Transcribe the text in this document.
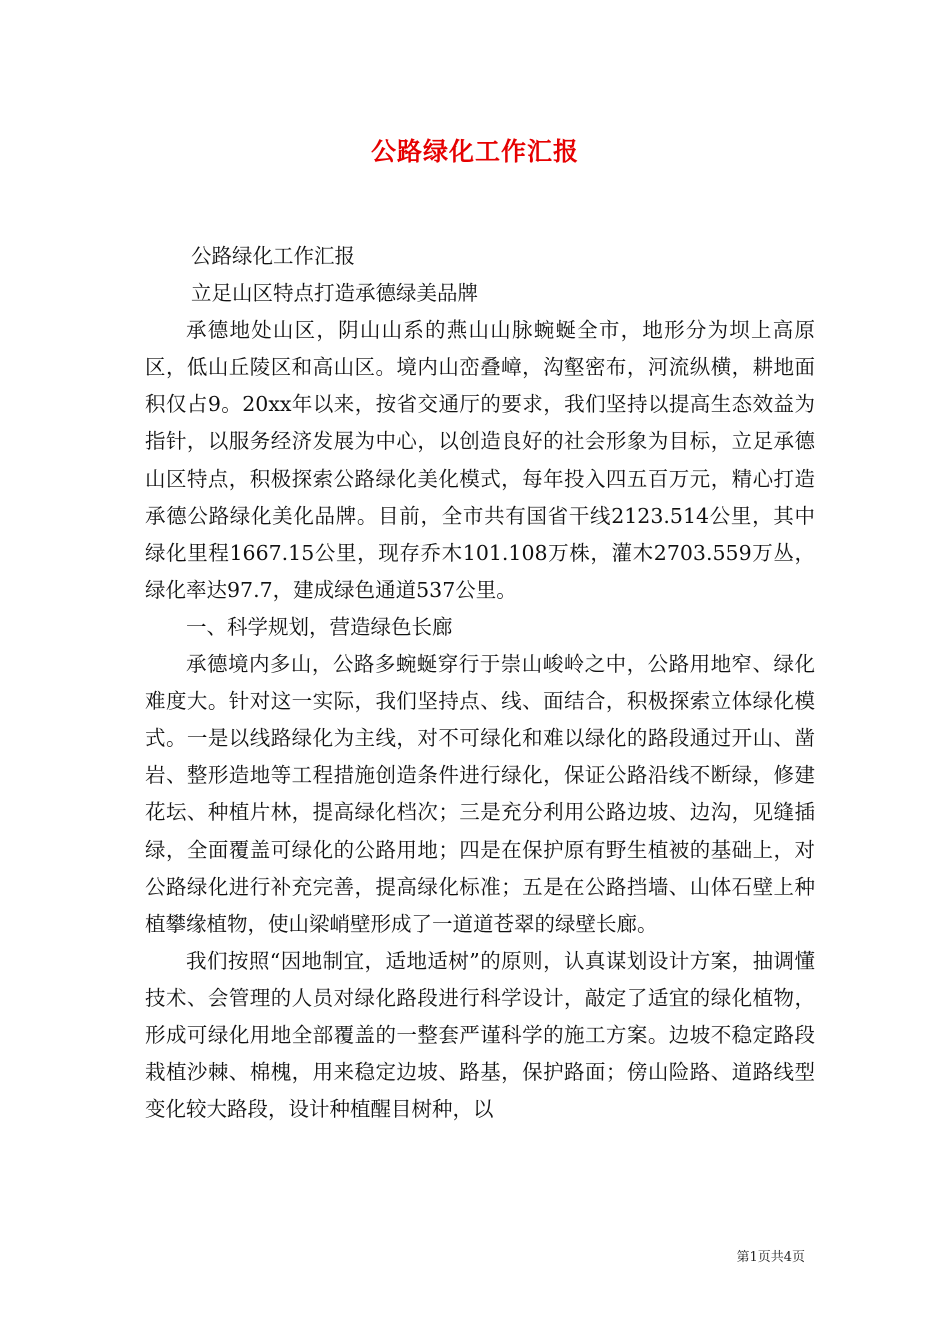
公路绿化工作汇报

公路绿化工作汇报

立足山区特点打造承德绿美品牌

承德地处山区，阴山山系的燕山山脉蜿蜒全市，地形分为坝上高原区，低山丘陵区和高山区。境内山峦叠嶂，沟壑密布，河流纵横，耕地面积仅占9。20xx年以来，按省交通厅的要求，我们坚持以提高生态效益为指针，以服务经济发展为中心，以创造良好的社会形象为目标，立足承德山区特点，积极探索公路绿化美化模式，每年投入四五百万元，精心打造承德公路绿化美化品牌。目前，全市共有国省干线2123.514公里，其中绿化里程1667.15公里，现存乔木101.108万株，灌木2703.559万丛，绿化率达97.7，建成绿色通道537公里。

一、科学规划，营造绿色长廊

承德境内多山，公路多蜿蜒穿行于崇山峻岭之中，公路用地窄、绿化难度大。针对这一实际，我们坚持点、线、面结合，积极探索立体绿化模式。一是以线路绿化为主线，对不可绿化和难以绿化的路段通过开山、凿岩、整形造地等工程措施创造条件进行绿化，保证公路沿线不断绿，修建花坛、种植片林，提高绿化档次；三是充分利用公路边坡、边沟，见缝插绿，全面覆盖可绿化的公路用地；四是在保护原有野生植被的基础上，对公路绿化进行补充完善，提高绿化标准；五是在公路挡墙、山体石壁上种植攀缘植物，使山梁峭壁形成了一道道苍翠的绿壁长廊。

我们按照“因地制宜，适地适树”的原则，认真谋划设计方案，抽调懂技术、会管理的人员对绿化路段进行科学设计，敲定了适宜的绿化植物，形成可绿化用地全部覆盖的一整套严谨科学的施工方案。边坡不稳定路段栽植沙棘、棉槐，用来稳定边坡、路基，保护路面；傍山险路、道路线型变化较大路段，设计种植醒目树种，以

第1页共4页
